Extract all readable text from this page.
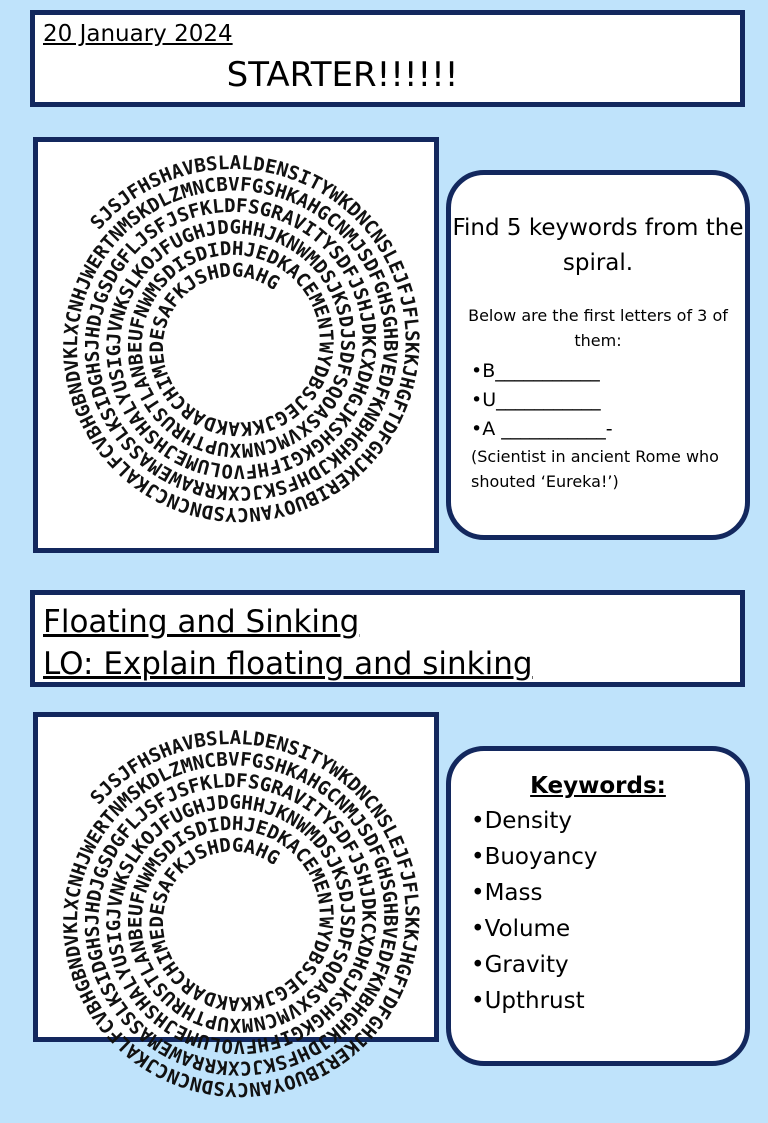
20 January 2024
STARTER!!!!!!
SJSJFHSHAVBSLALDENSITYWKDNCNSLEJFJFLSKKJHGFTDFGHJKERIBUOYANCYSDNCNCJKALFCVBHGBNDVKLXCNHJWERTNMSKDLZMNCBVFGSHKAHGCNMJSDFGHSGHBVEDFKNBHGHKJDHFSKJCXKRRAWEMASSLKSIDGHSJHDJGSDGFLJSFJSFKLDFSGRAVITYSDFJSHJDKCXDHGJKSHGKGIFHFVOLUMEJHSHALYUSIGJVNKSLKOJFUGHJDGHHJKNWMDSJKSDJSDFSQOASXVMCNMXUPTHRUSTLANBEUFNWMSDISDIDHJEDKACEMENTWYDBSJEGJKKAKDARCHIMEDESAFKJSHDGAHG
Find 5 keywords from the spiral.
Below are the first letters of 3 of them:
•B___________
•U___________
•A ___________-
(Scientist in ancient Rome who shouted ‘Eureka!’)
Floating and Sinking
LO: Explain floating and sinking
SJSJFHSHAVBSLALDENSITYWKDNCNSLEJFJFLSKKJHGFTDFGHJKERIBUOYANCYSDNCNCJKALFCVBHGBNDVKLXCNHJWERTNMSKDLZMNCBVFGSHKAHGCNMJSDFGHSGHBVEDFKNBHGHKJDHFSKJCXKRRAWEMASSLKSIDGHSJHDJGSDGFLJSFJSFKLDFSGRAVITYSDFJSHJDKCXDHGJKSHGKGIFHFVOLUMEJHSHALYUSIGJVNKSLKOJFUGHJDGHHJKNWMDSJKSDJSDFSQOASXVMCNMXUPTHRUSTLANBEUFNWMSDISDIDHJEDKACEMENTWYDBSJEGJKKAKDARCHIMEDESAFKJSHDGAHG
Keywords:
•Density
•Buoyancy
•Mass
•Volume
•Gravity
•Upthrust
